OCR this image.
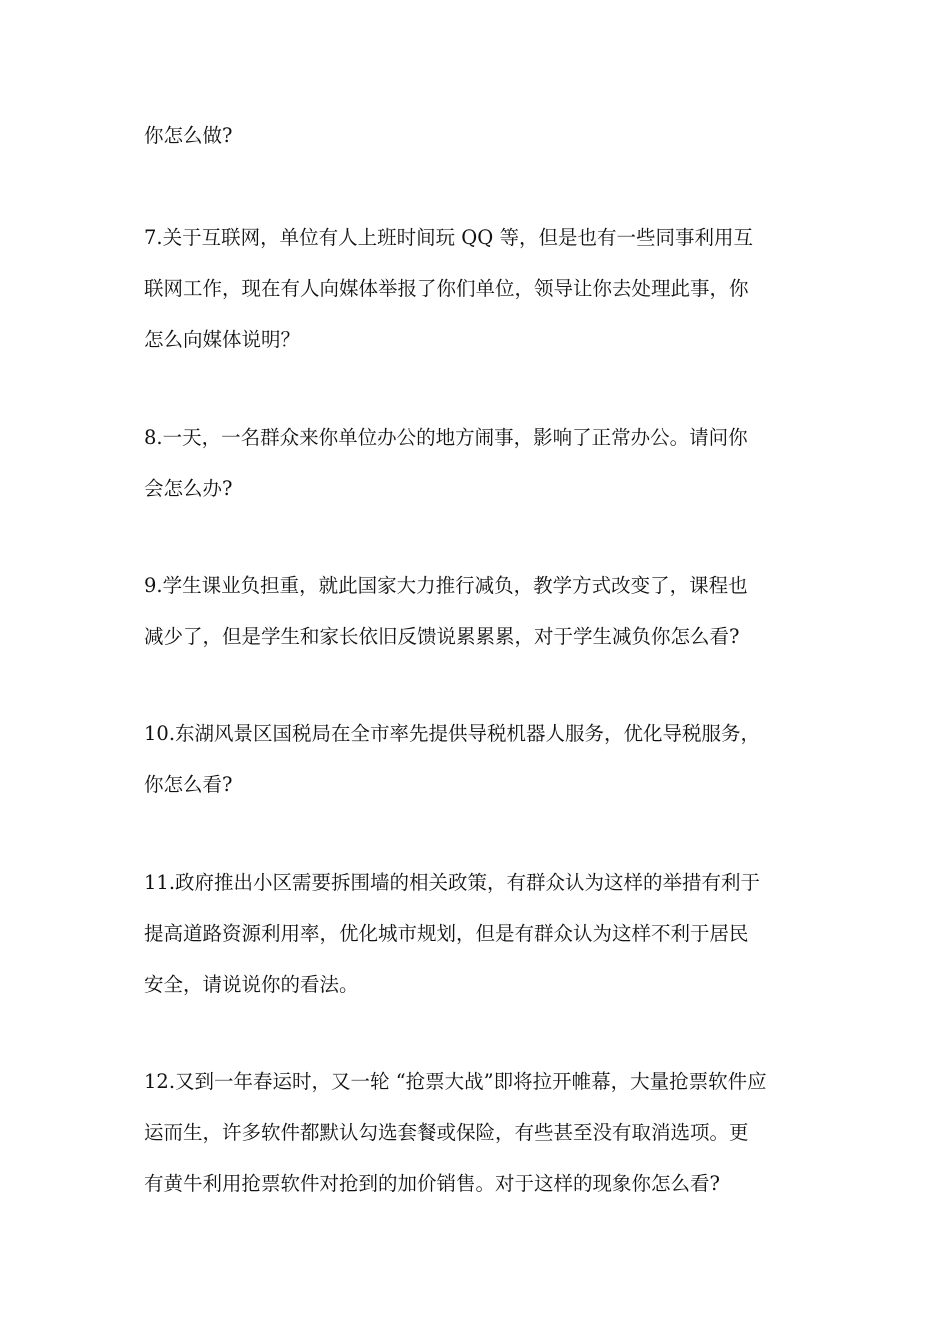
你怎么做?
7.关于互联网，单位有人上班时间玩 QQ 等，但是也有一些同事利用互
联网工作，现在有人向媒体举报了你们单位，领导让你去处理此事，你
怎么向媒体说明？
8.一天，一名群众来你单位办公的地方闹事，影响了正常办公。请问你
会怎么办?
9.学生课业负担重，就此国家大力推行减负，教学方式改变了，课程也
减少了，但是学生和家长依旧反馈说累累累，对于学生减负你怎么看?
10.东湖风景区国税局在全市率先提供导税机器人服务，优化导税服务，
你怎么看?
11.政府推出小区需要拆围墙的相关政策，有群众认为这样的举措有利于
提高道路资源利用率，优化城市规划，但是有群众认为这样不利于居民
安全，请说说你的看法。
12.又到一年春运时，又一轮 “抢票大战”即将拉开帷幕，大量抢票软件应
运而生，许多软件都默认勾选套餐或保险，有些甚至没有取消选项。更
有黄牛利用抢票软件对抢到的加价销售。对于这样的现象你怎么看?
